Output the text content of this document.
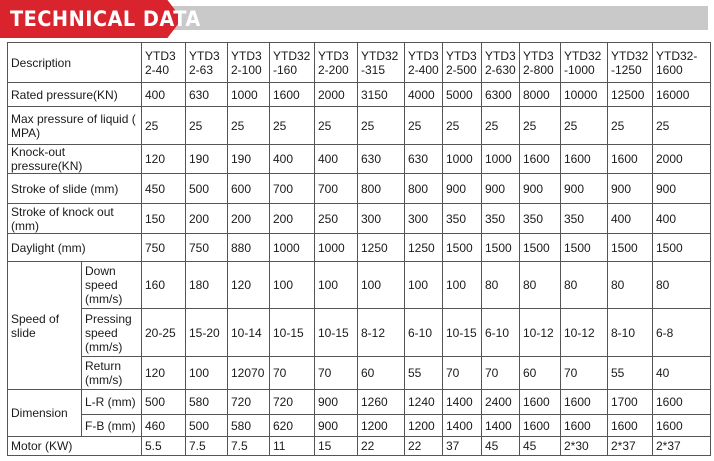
TECHNICAL DATA
Description		YTD32-40	YTD32-63	YTD32-100	YTD32-160	YTD32-200	YTD32-315	YTD32-400	YTD32-500	YTD32-630	YTD32-800	YTD32-1000	YTD32-1250	YTD32-1600
Rated pressure(KN)		400	630	1000	1600	2000	3150	4000	5000	6300	8000	10000	12500	16000
Max pressure of liquid ( MPA)		25	25	25	25	25	25	25	25	25	25	25	25	25
Knock-out pressure(KN)		120	190	190	400	400	630	630	1000	1000	1600	1600	1600	2000
Stroke of slide (mm)		450	500	600	700	700	800	800	900	900	900	900	900	900
Stroke of knock out (mm)		150	200	200	200	250	300	300	350	350	350	350	400	400
Daylight (mm)		750	750	880	1000	1000	1250	1250	1500	1500	1500	1500	1500	1500
Speed of slide	Down speed (mm/s)	160	180	120	100	100	100	100	100	80	80	80	80	80
	Pressing speed (mm/s)	20-25	15-20	10-14	10-15	10-15	8-12	6-10	10-15	6-10	10-12	10-12	8-10	6-8
	Return (mm/s)	120	100	12070	70	70	60	55	70	70	60	70	55	40
Dimension	L-R (mm)	500	580	720	720	900	1260	1240	1400	2400	1600	1600	1700	1600
	F-B (mm)	460	500	580	620	900	1200	1200	1400	1400	1600	1600	1600	1600
Motor (KW)		5.5	7.5	7.5	11	15	22	22	37	45	45	2*30	2*37	2*37
